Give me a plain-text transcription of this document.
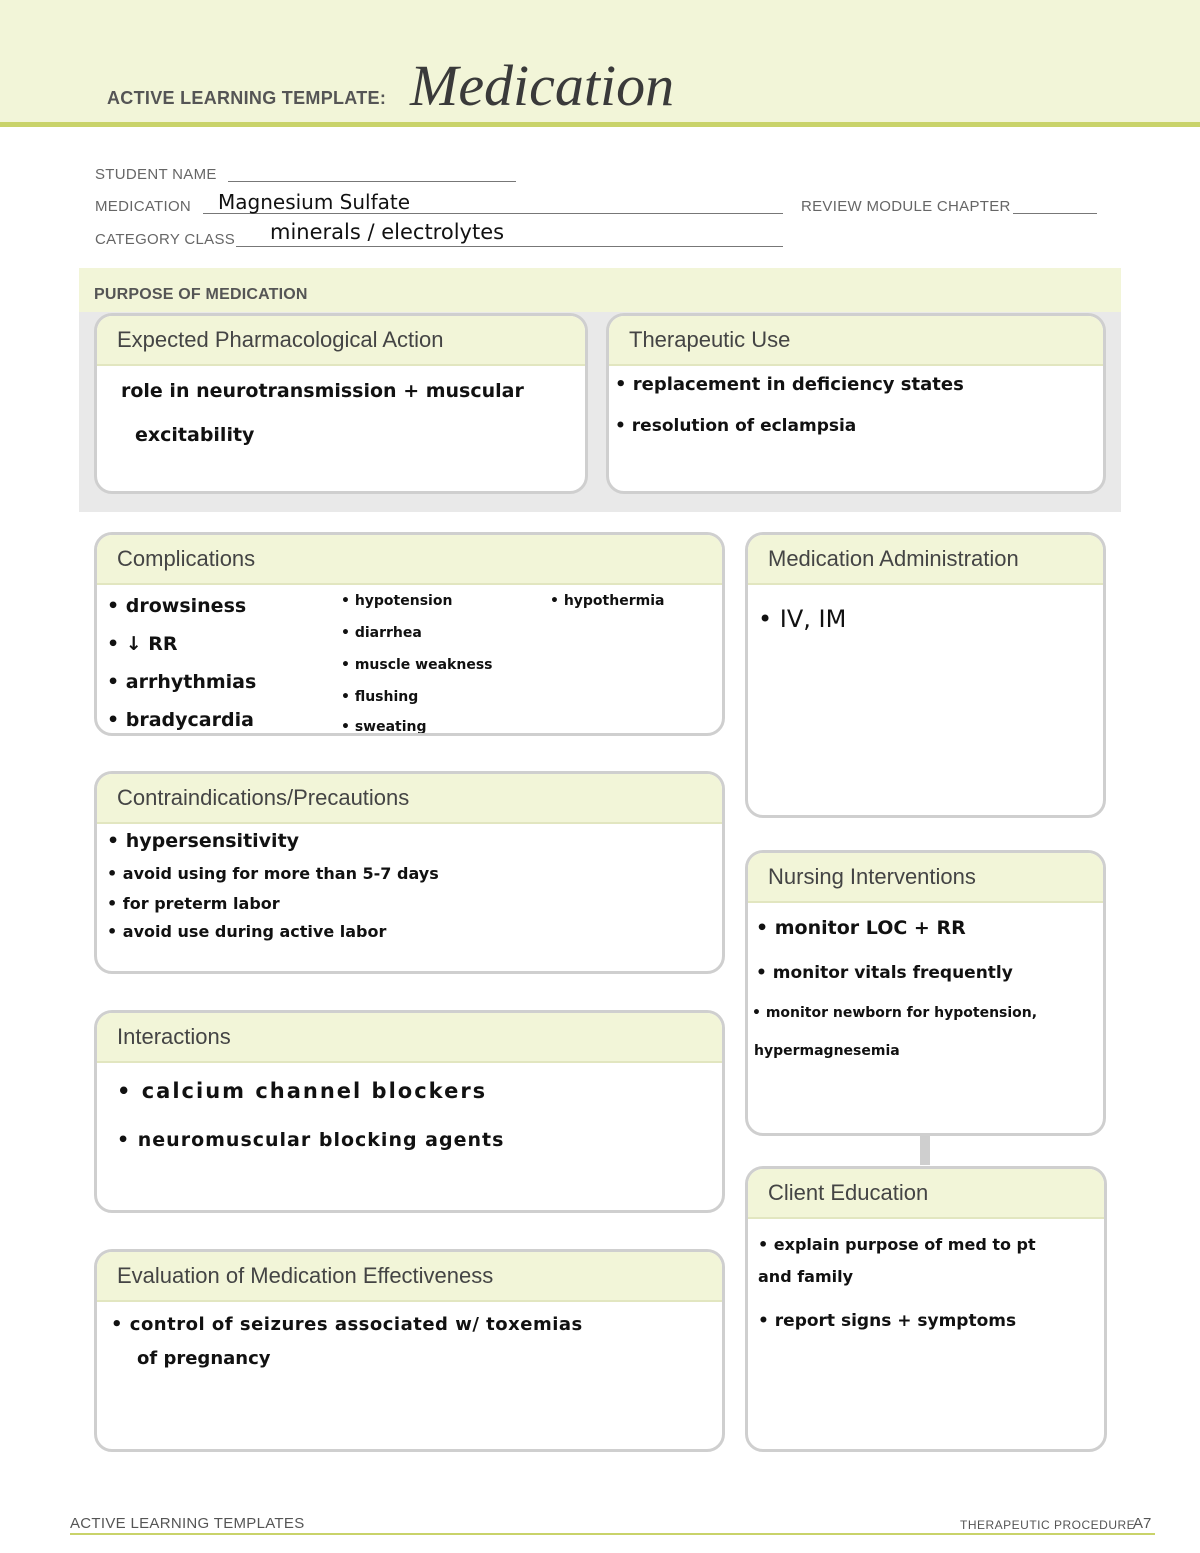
ACTIVE LEARNING TEMPLATE: Medication
STUDENT NAME
MEDICATION Magnesium Sulfate	REVIEW MODULE CHAPTER
CATEGORY CLASS minerals / electrolytes
PURPOSE OF MEDICATION
Expected Pharmacological Action
role in neurotransmission + muscular
excitability
Therapeutic Use
• replacement in deficiency states
• resolution of eclampsia
Complications
• drowsiness
• ↓ RR
• arrhythmias
• bradycardia
• hypotension
• diarrhea
• muscle weakness
• flushing
• sweating
• hypothermia
Medication Administration
• IV, IM
Contraindications/Precautions
• hypersensitivity
• avoid using for more than 5-7 days
• for preterm labor
• avoid use during active labor
Nursing Interventions
• monitor LOC + RR
• monitor vitals frequently
• monitor newborn for hypotension,
hypermagnesemia
Interactions
• calcium channel blockers
• neuromuscular blocking agents
Client Education
• explain purpose of med to pt
and family
• report signs + symptoms
Evaluation of Medication Effectiveness
• control of seizures associated w/ toxemias
of pregnancy
ACTIVE LEARNING TEMPLATES	THERAPEUTIC PROCEDURE
A7
